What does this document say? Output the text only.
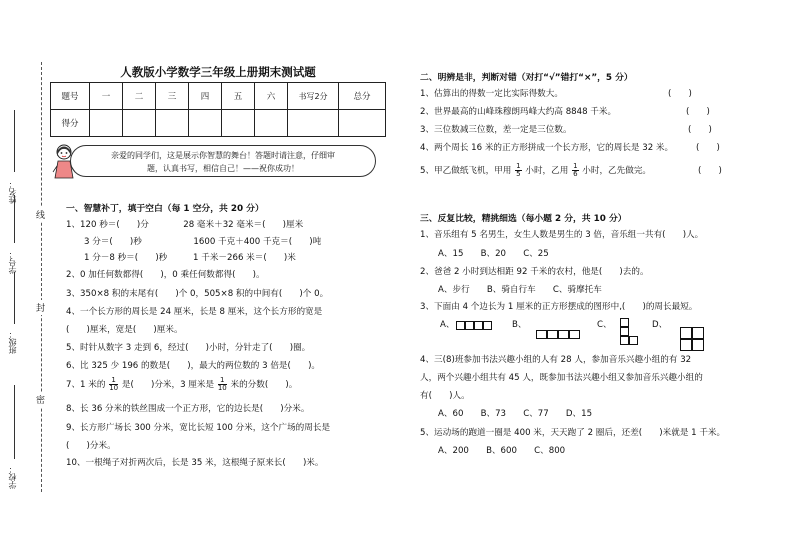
姓名：
学号：
班级：
学校：
线
封
密
人教版小学数学三年级上册期末测试题
题号	一	二	三	四	五	六	书写2分	总分
得分								
亲爱的同学们，这是展示你智慧的舞台！答题时请注意，仔细审
题，认真书写，相信自己！——祝你成功！
一、智慧补丁，填于空白（每 1 空分，共 20 分）
1、120 秒＝(　　)分　　　　28 毫米＋32 毫米＝(　　)厘米
3 分＝(　　)秒　　　　　　1600 千克＋400 千克＝(　　)吨
1 分－8 秒＝(　　)秒　　　1 千米－266 米＝(　　)米
2、0 加任何数都得(　　)，0 乘任何数都得(　　)。
3、350×8 积的末尾有(　　)个 0，505×8 积的中间有(　　)个 0。
4、一个长方形的周长是 24 厘米，长是 8 厘米，这个长方形的宽是
(　　)厘米，宽是(　　)厘米。
5、时针从数字 3 走到 6，经过(　　)小时，分针走了(　　)圈。
6、比 325 少 196 的数是(　　)，最大的两位数的 3 倍是(　　)。
7、1 米的 $\frac{1}{10}$ 是(　　)分米，3 厘米是 $\frac{1}{10}$ 米的分数(　　)。
8、长 36 分米的铁丝围成一个正方形，它的边长是(　　)分米。
9、长方形广场长 300 分米，宽比长短 100 分米，这个广场的周长是
(　　)分米。
10、一根绳子对折两次后，长是 35 米，这根绳子原来长(　　)米。
二、明辨是非，判断对错（对打“√”错打“×”，5 分）
1、估算出的得数一定比实际得数大。	(　　)
2、世界最高的山峰珠穆朗玛峰大约高 8848 千米。	(　　)
3、三位数减三位数，差一定是三位数。	(　　)
4、两个周长 16 米的正方形拼成一个长方形，它的周长是 32 米。	(　　)
5、甲乙做纸飞机，甲用 $\frac{1}{5}$ 小时，乙用 $\frac{1}{6}$ 小时，乙先做完。	(　　)
三、反复比较，精挑细选（每小题 2 分，共 10 分）
1、音乐组有 5 名男生，女生人数是男生的 3 倍，音乐组一共有(　　)人。
A、15　　B、20　　C、25
2、爸爸 2 小时到达相距 92 千米的农村，他是(　　)去的。
A、步行　　B、骑自行车　　C、骑摩托车
3、下面由 4 个边长为 1 厘米的正方形摆成的图形中,(　　)的周长最短。
A、	B、	C、	D、
4、三(8)班参加书法兴趣小组的人有 28 人，参加音乐兴趣小组的有 32
人，两个兴趣小组共有 45 人，既参加书法兴趣小组又参加音乐兴趣小组的
有(　　)人。
A、60　　B、73　　C、77　　D、15
5、运动场的跑道一圈是 400 米，天天跑了 2 圈后，还差(　　)米就是 1 千米。
A、200　　B、600　　C、800
